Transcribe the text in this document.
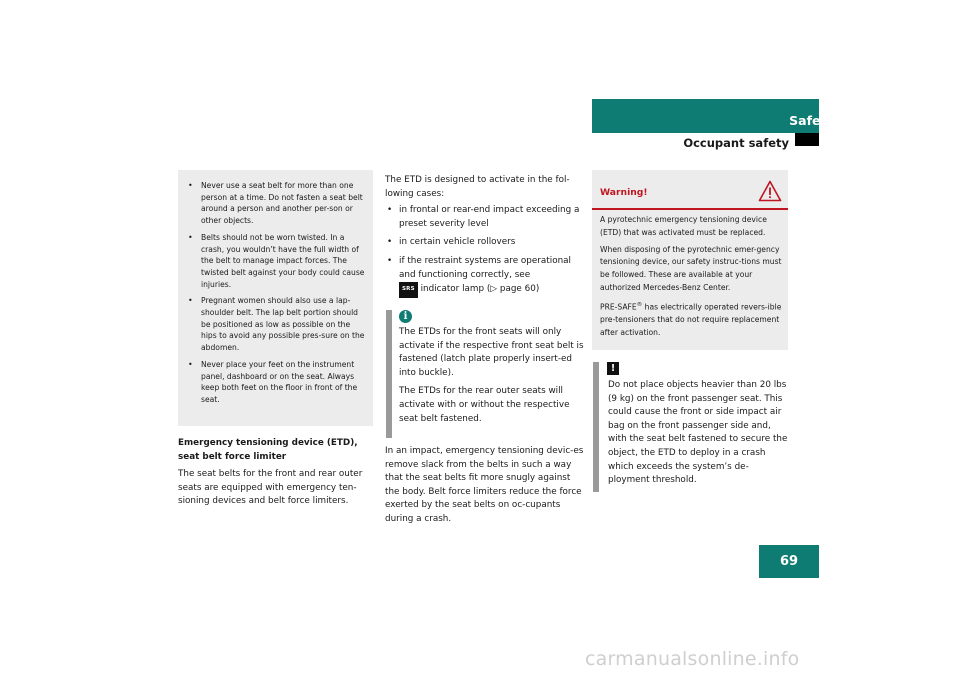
Safety and Security
Occupant safety
• Never use a seat belt for more than one person at a time. Do not fasten a seat belt around a person and another per-son or other objects.
• Belts should not be worn twisted. In a crash, you wouldn’t have the full width of the belt to manage impact forces. The twisted belt against your body could cause injuries.
• Pregnant women should also use a lap-shoulder belt. The lap belt portion should be positioned as low as possible on the hips to avoid any possible pres-sure on the abdomen.
• Never place your feet on the instrument panel, dashboard or on the seat. Always keep both feet on the floor in front of the seat.

Emergency tensioning device (ETD), seat belt force limiter

The seat belts for the front and rear outer seats are equipped with emergency ten-sioning devices and belt force limiters.

The ETD is designed to activate in the fol-lowing cases:

• in frontal or rear-end impact exceeding a preset severity level
• in certain vehicle rollovers
• if the restraint systems are operational and functioning correctly, see
SRS indicator lamp (▷ page 60)
i

The ETDs for the front seats will only activate if the respective front seat belt is fastened (latch plate properly insert-ed into buckle).

The ETDs for the rear outer seats will activate with or without the respective seat belt fastened.

In an impact, emergency tensioning devic-es remove slack from the belts in such a way that the seat belts fit more snugly against the body. Belt force limiters reduce the force exerted by the seat belts on oc-cupants during a crash.

Warning!

A pyrotechnic emergency tensioning device (ETD) that was activated must be replaced.

When disposing of the pyrotechnic emer-gency tensioning device, our safety instruc-tions must be followed. These are available at your authorized Mercedes-Benz Center.

PRE-SAFE® has electrically operated revers-ible pre-tensioners that do not require replacement after activation.

!
Do not place objects heavier than 20 lbs (9 kg) on the front passenger seat. This could cause the front or side impact air bag on the front passenger side and, with the seat belt fastened to secure the object, the ETD to deploy in a crash which exceeds the system’s de-ployment threshold.
69
carmanualsonline.info
